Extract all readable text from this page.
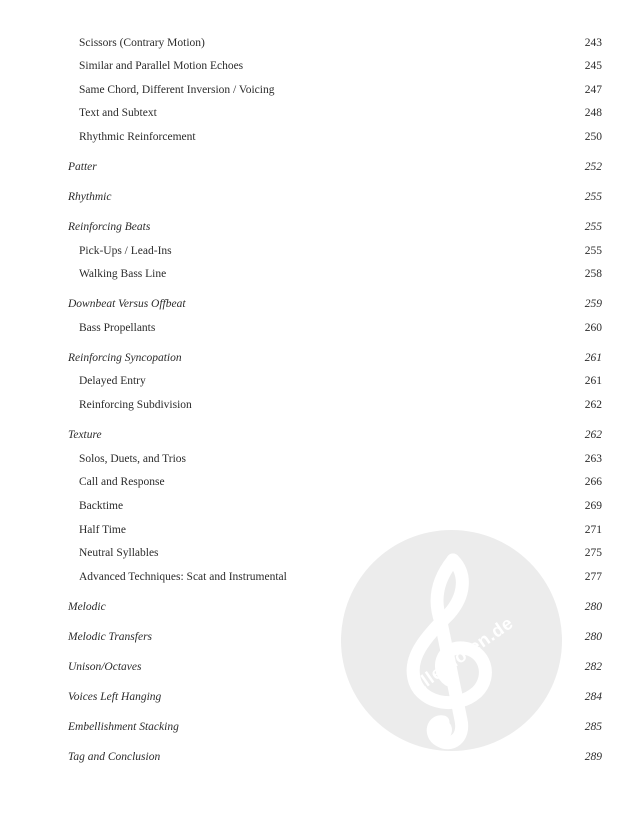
alle-noten.de
Scissors (Contrary Motion)	243
Similar and Parallel Motion Echoes	245
Same Chord, Different Inversion / Voicing	247
Text and Subtext	248
Rhythmic Reinforcement	250
Patter	252
Rhythmic	255
Reinforcing Beats	255
Pick-Ups / Lead-Ins	255
Walking Bass Line	258
Downbeat Versus Offbeat	259
Bass Propellants	260
Reinforcing Syncopation	261
Delayed Entry	261
Reinforcing Subdivision	262
Texture	262
Solos, Duets, and Trios	263
Call and Response	266
Backtime	269
Half Time	271
Neutral Syllables	275
Advanced Techniques: Scat and Instrumental	277
Melodic	280
Melodic Transfers	280
Unison/Octaves	282
Voices Left Hanging	284
Embellishment Stacking	285
Tag and Conclusion	289
